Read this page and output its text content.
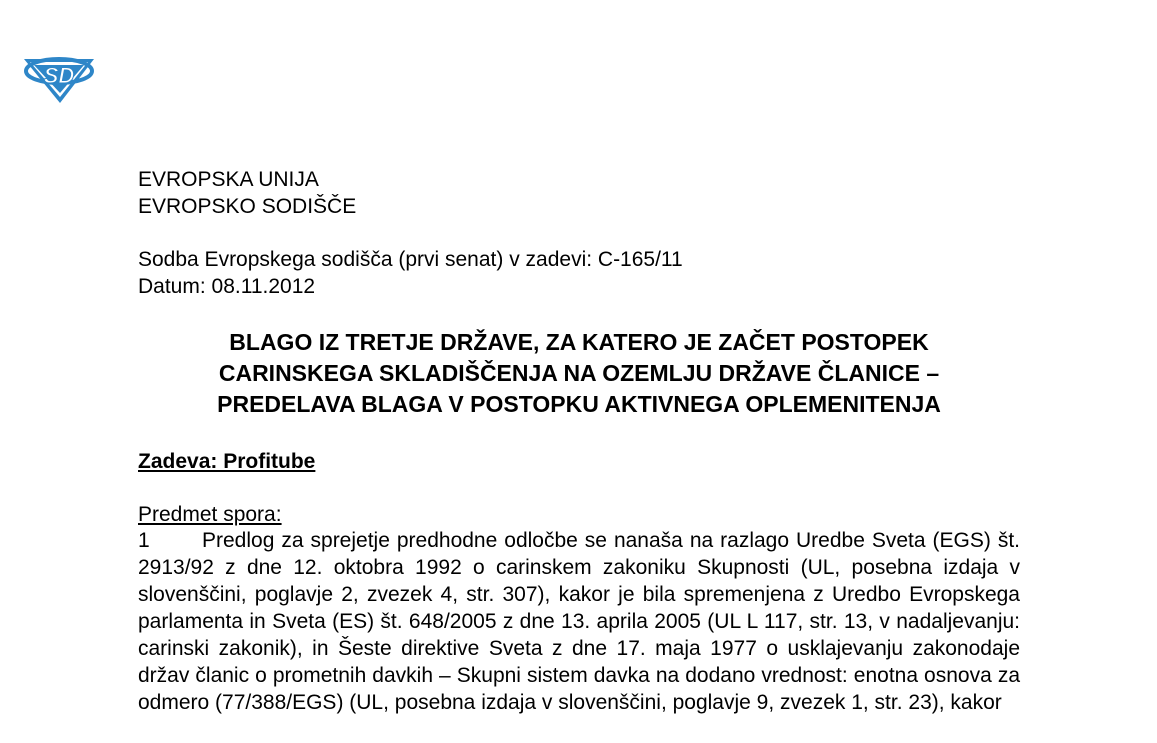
SD
EVROPSKA UNIJA
EVROPSKO SODIŠČE
Sodba Evropskega sodišča (prvi senat) v zadevi: C-165/11
Datum: 08.11.2012
BLAGO IZ TRETJE DRŽAVE, ZA KATERO JE ZAČET POSTOPEK
CARINSKEGA SKLADIŠČENJA NA OZEMLJU DRŽAVE ČLANICE –
PREDELAVA BLAGA V POSTOPKU AKTIVNEGA OPLEMENITENJA
Zadeva: Profitube
Predmet spora:
1 Predlog za sprejetje predhodne odločbe se nanaša na razlago Uredbe Sveta (EGS) št. 2913/92 z dne 12. oktobra 1992 o carinskem zakoniku Skupnosti (UL, posebna izdaja v slovenščini, poglavje 2, zvezek 4, str. 307), kakor je bila spremenjena z Uredbo Evropskega parlamenta in Sveta (ES) št. 648/2005 z dne 13. aprila 2005 (UL L 117, str. 13, v nadaljevanju: carinski zakonik), in Šeste direktive Sveta z dne 17. maja 1977 o usklajevanju zakonodaje držav članic o prometnih davkih – Skupni sistem davka na dodano vrednost: enotna osnova za odmero (77/388/EGS) (UL, posebna izdaja v slovenščini, poglavje 9, zvezek 1, str. 23), kakor
